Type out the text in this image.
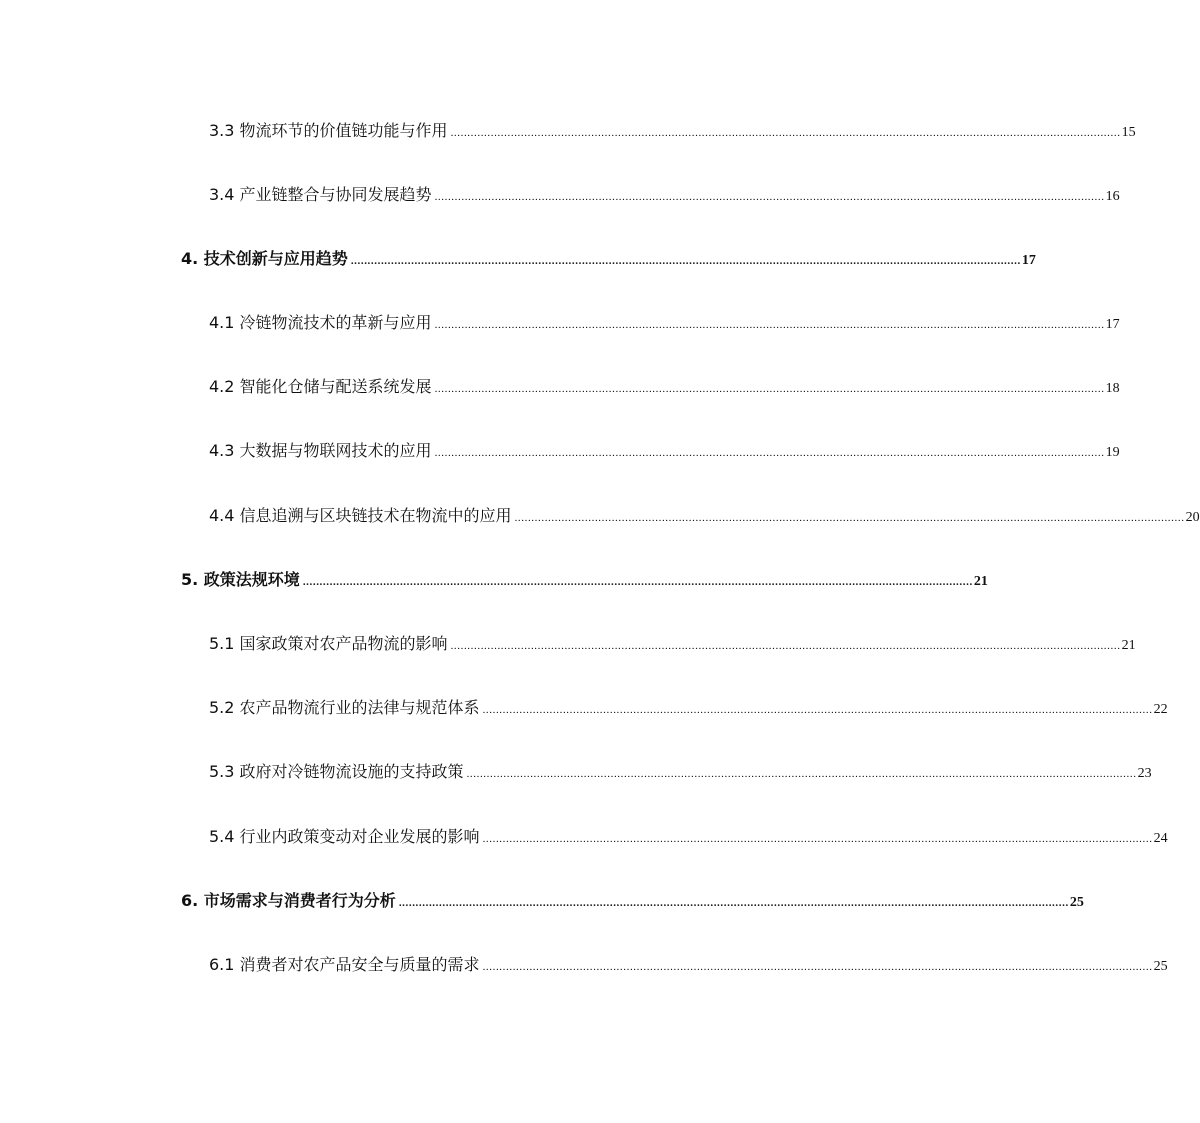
3.3
物流环节的价值链功能与作用 ........................................................................................................................................................................................................ 15
3.4
产业链整合与协同发展趋势 ........................................................................................................................................................................................................ 16
4.
技术创新与应用趋势 ........................................................................................................................................................................................................ 17
4.1
冷链物流技术的革新与应用 ........................................................................................................................................................................................................ 17
4.2
智能化仓储与配送系统发展 ........................................................................................................................................................................................................ 18
4.3
大数据与物联网技术的应用 ........................................................................................................................................................................................................ 19
4.4
信息追溯与区块链技术在物流中的应用 ........................................................................................................................................................................................................ 20
5.
政策法规环境 ........................................................................................................................................................................................................ 21
5.1
国家政策对农产品物流的影响 ........................................................................................................................................................................................................ 21
5.2
农产品物流行业的法律与规范体系 ........................................................................................................................................................................................................ 22
5.3
政府对冷链物流设施的支持政策 ........................................................................................................................................................................................................ 23
5.4
行业内政策变动对企业发展的影响 ........................................................................................................................................................................................................ 24
6.
市场需求与消费者行为分析 ........................................................................................................................................................................................................ 25
6.1
消费者对农产品安全与质量的需求 ........................................................................................................................................................................................................ 25
